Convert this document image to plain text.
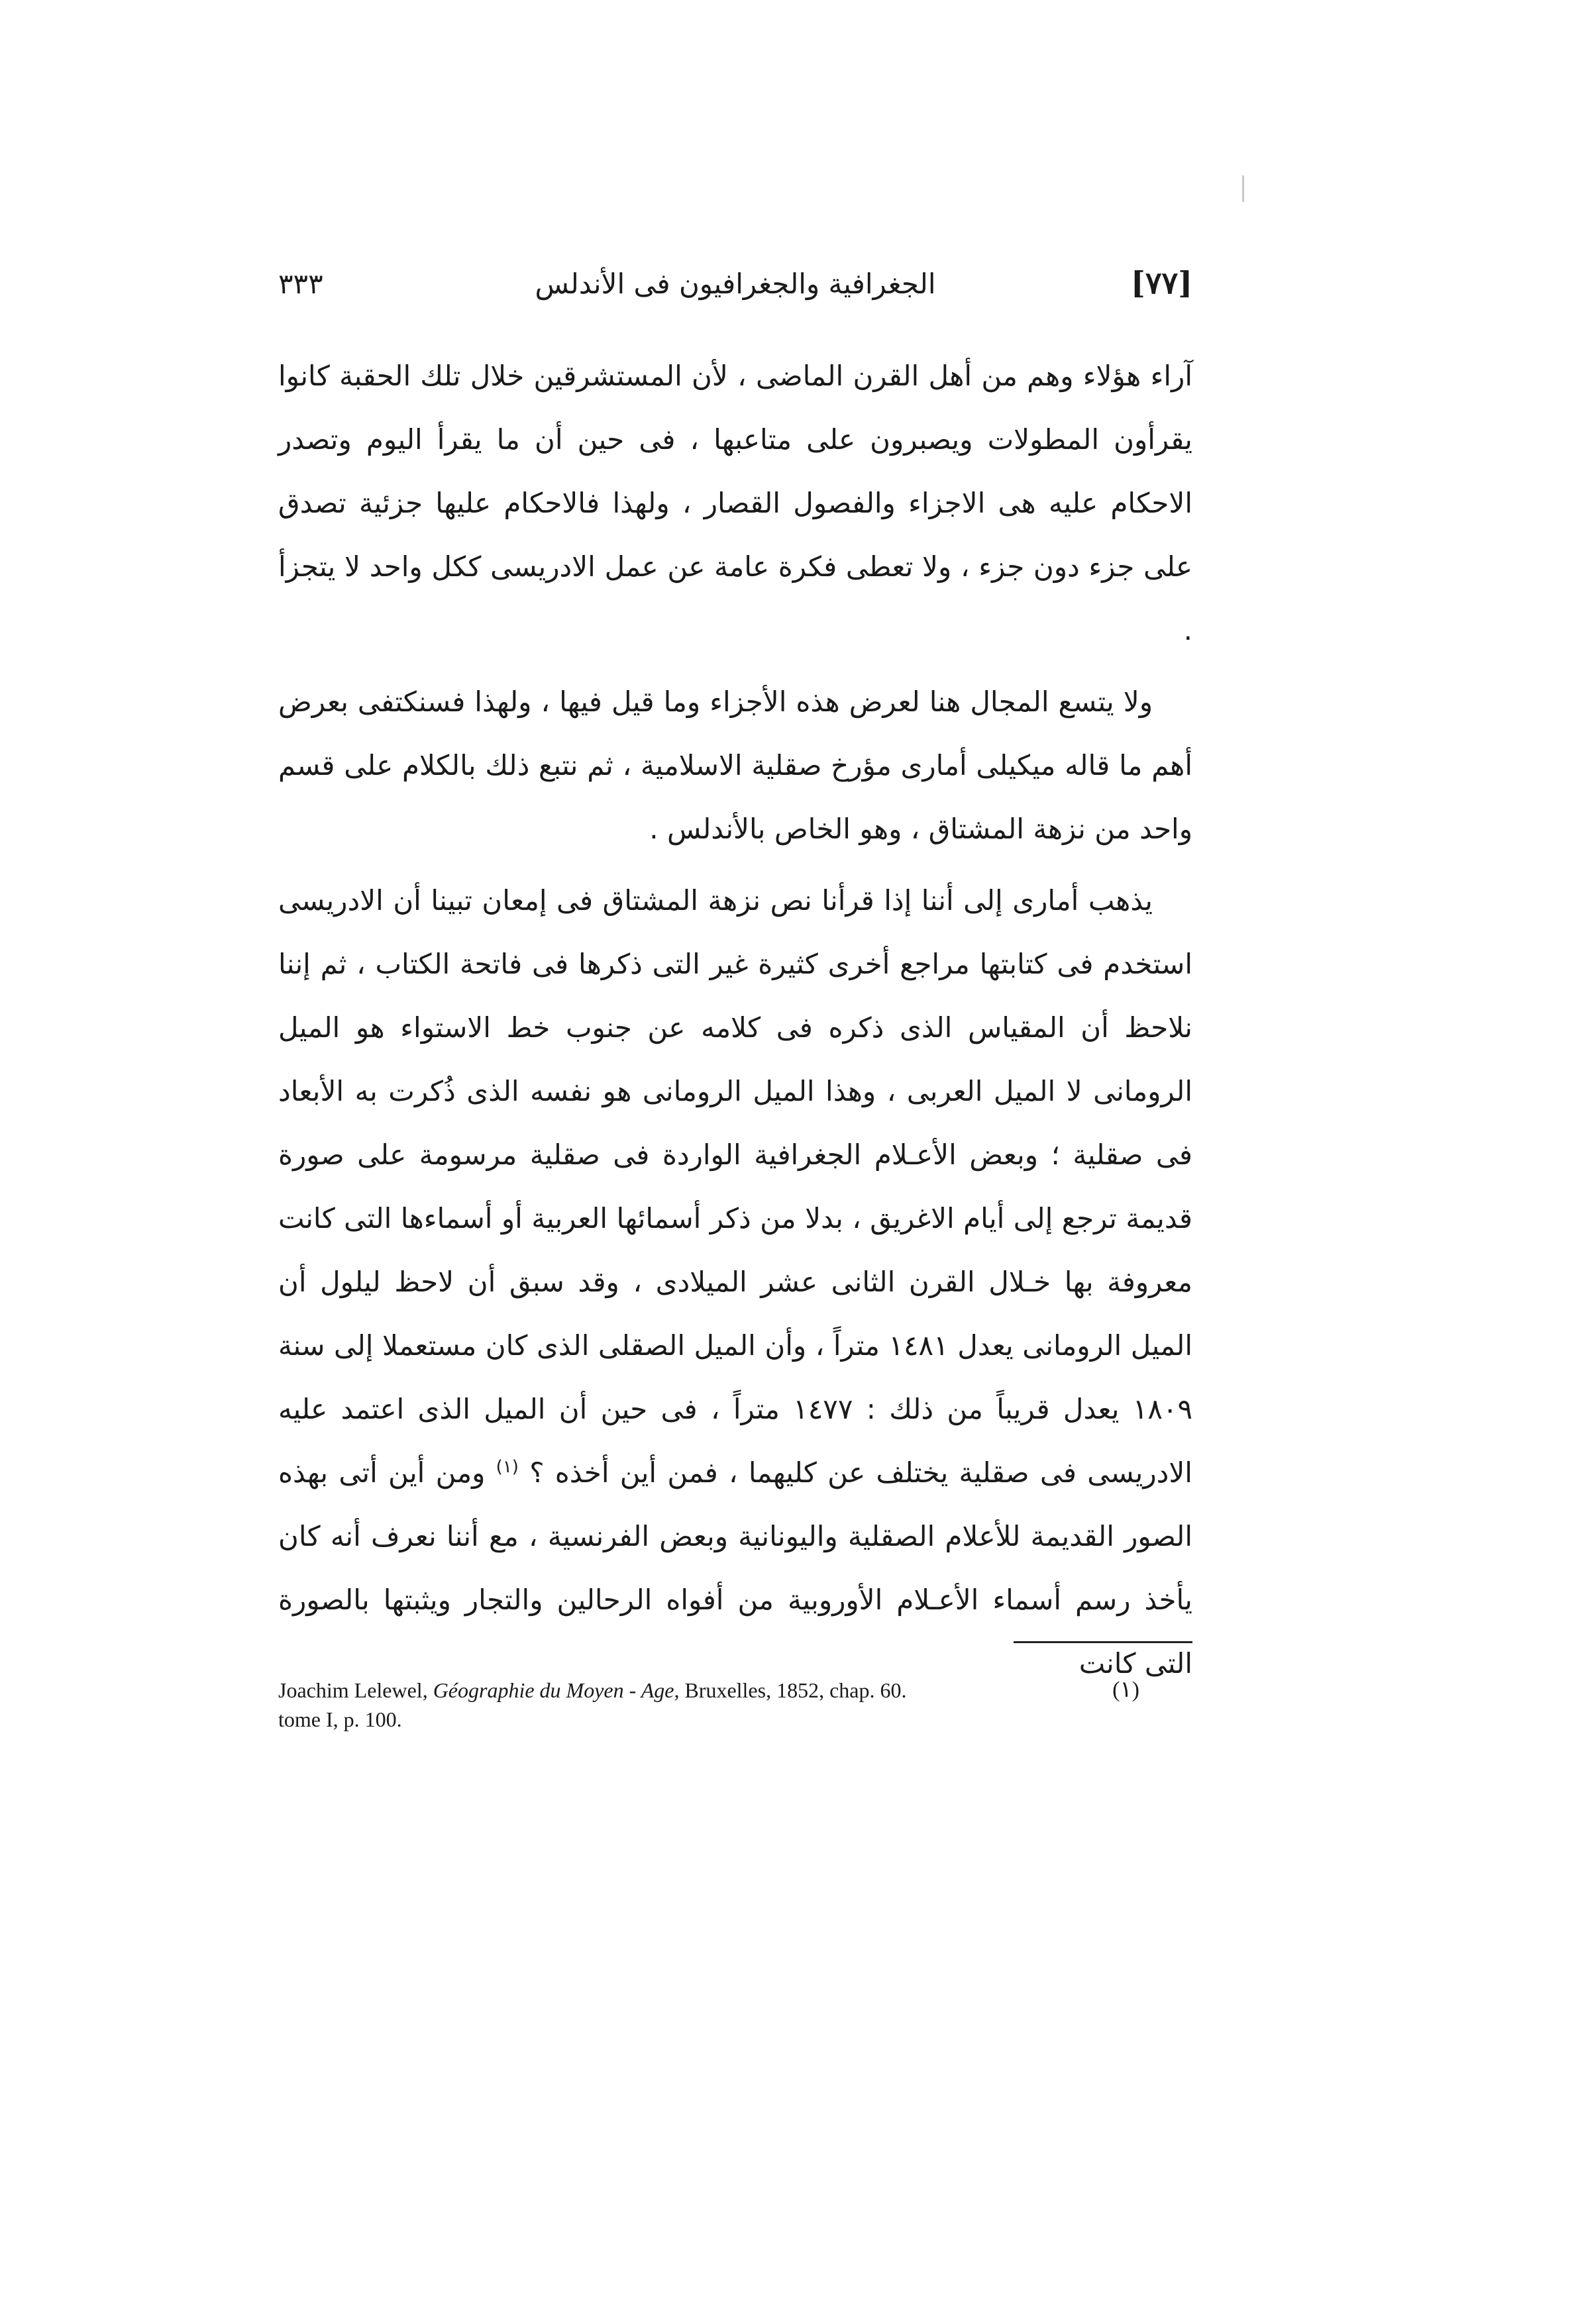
[٧٧]
الجغرافية والجغرافيون فى الأندلس
٣٣٣

آراء هؤلاء وهم من أهل القرن الماضى ، لأن المستشرقين خلال تلك الحقبة كانوا يقرأون المطولات ويصبرون على متاعبها ، فى حين أن ما يقرأ اليوم وتصدر الاحكام عليه هى الاجزاء والفصول القصار ، ولهذا فالاحكام عليها جزئية تصدق على جزء دون جزء ، ولا تعطى فكرة عامة عن عمل الادريسى ككل واحد لا يتجزأ .

ولا يتسع المجال هنا لعرض هذه الأجزاء وما قيل فيها ، ولهذا فسنكتفى بعرض أهم ما قاله ميكيلى أمارى مؤرخ صقلية الاسلامية ، ثم نتبع ذلك بالكلام على قسم واحد من نزهة المشتاق ، وهو الخاص بالأندلس .

يذهب أمارى إلى أننا إذا قرأنا نص نزهة المشتاق فى إمعان تبينا أن الادريسى استخدم فى كتابتها مراجع أخرى كثيرة غير التى ذكرها فى فاتحة الكتاب ، ثم إننا نلاحظ أن المقياس الذى ذكره فى كلامه عن جنوب خط الاستواء هو الميل الرومانى لا الميل العربى ، وهذا الميل الرومانى هو نفسه الذى ذُكرت به الأبعاد فى صقلية ؛ وبعض الأعـلام الجغرافية الواردة فى صقلية مرسومة على صورة قديمة ترجع إلى أيام الاغريق ، بدلا من ذكر أسمائها العربية أو أسماءها التى كانت معروفة بها خـلال القرن الثانى عشر الميلادى ، وقد سبق أن لاحظ ليلول أن الميل الرومانى يعدل ١٤٨١ متراً ، وأن الميل الصقلى الذى كان مستعملا إلى سنة ١٨٠٩ يعدل قريباً من ذلك : ١٤٧٧ متراً ، فى حين أن الميل الذى اعتمد عليه الادريسى فى صقلية يختلف عن كليهما ، فمن أين أخذه ؟ $^{(١)}$ ومن أين أتى بهذه الصور القديمة للأعلام الصقلية واليونانية وبعض الفرنسية ، مع أننا نعرف أنه كان يأخذ رسم أسماء الأعـلام الأوروبية من أفواه الرحالين والتجار ويثبتها بالصورة التى كانت

Joachim Lelewel, Géographie du Moyen - Age, Bruxelles, 1852, chap. 60.
tome I, p. 100.
(١)
